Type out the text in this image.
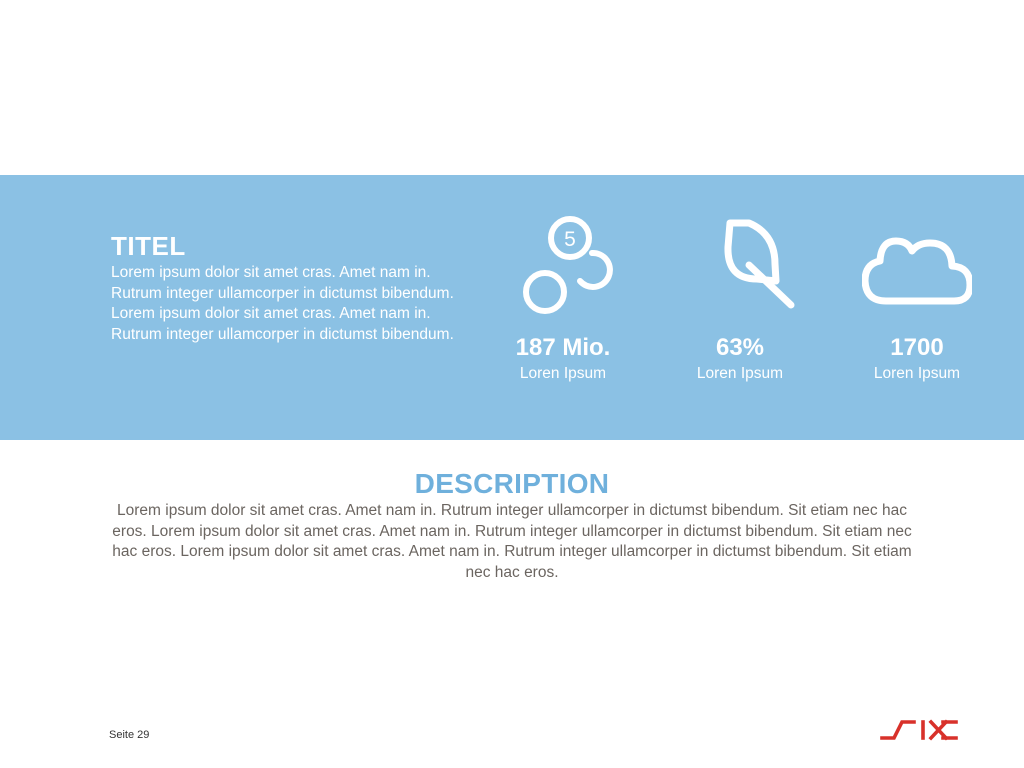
TITEL

Lorem ipsum dolor sit amet cras. Amet nam in. Rutrum integer ullamcorper in dictumst bibendum. Lorem ipsum dolor sit amet cras. Amet nam in. Rutrum integer ullamcorper in dictumst bibendum.

5
187 Mio.
Loren Ipsum
63%
Loren Ipsum
1700
Loren Ipsum
DESCRIPTION

Lorem ipsum dolor sit amet cras. Amet nam in. Rutrum integer ullamcorper in dictumst bibendum. Sit etiam nec hac eros. Lorem ipsum dolor sit amet cras. Amet nam in. Rutrum integer ullamcorper in dictumst bibendum. Sit etiam nec hac eros. Lorem ipsum dolor sit amet cras. Amet nam in. Rutrum integer ullamcorper in dictumst bibendum. Sit etiam nec hac eros.

Seite 29
